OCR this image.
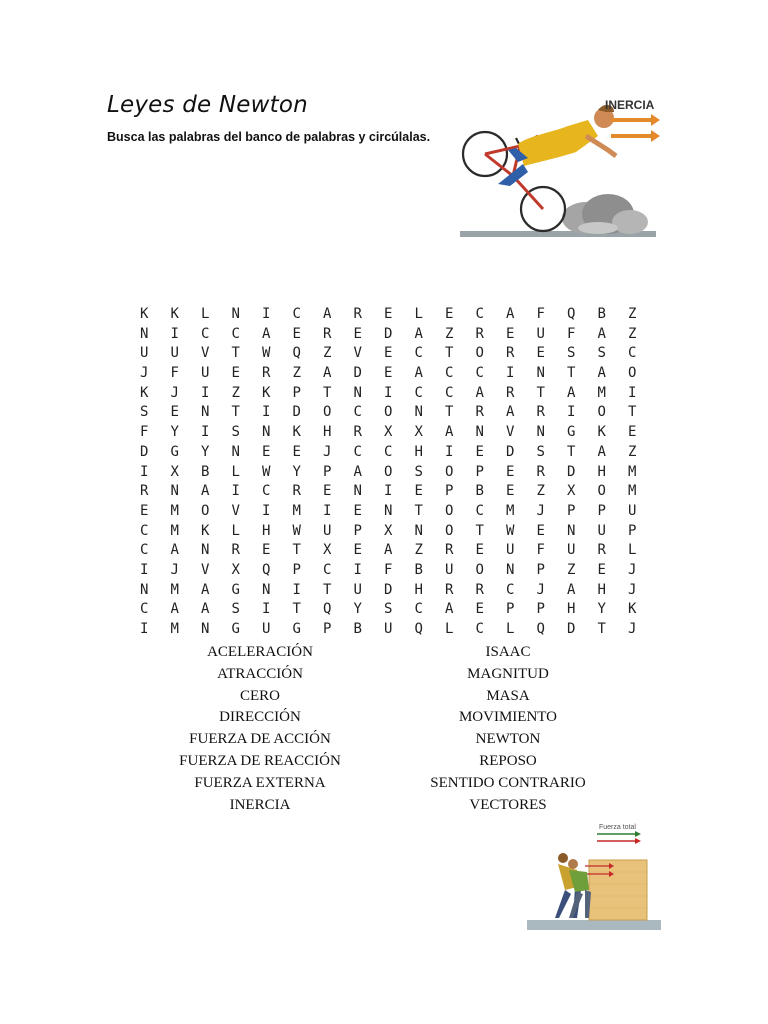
Leyes de Newton
Busca las palabras del banco de palabras y circúlalas.
INERCIA
K	K	L	N	I	C	A	R	E	L	E	C	A	F	Q	B	Z
N	I	C	C	A	E	R	E	D	A	Z	R	E	U	F	A	Z
U	U	V	T	W	Q	Z	V	E	C	T	O	R	E	S	S	C
J	F	U	E	R	Z	A	D	E	A	C	C	I	N	T	A	O
K	J	I	Z	K	P	T	N	I	C	C	A	R	T	A	M	I
S	E	N	T	I	D	O	C	O	N	T	R	A	R	I	O	T
F	Y	I	S	N	K	H	R	X	X	A	N	V	N	G	K	E
D	G	Y	N	E	E	J	C	C	H	I	E	D	S	T	A	Z
I	X	B	L	W	Y	P	A	O	S	O	P	E	R	D	H	M
R	N	A	I	C	R	E	N	I	E	P	B	E	Z	X	O	M
E	M	O	V	I	M	I	E	N	T	O	C	M	J	P	P	U
C	M	K	L	H	W	U	P	X	N	O	T	W	E	N	U	P
C	A	N	R	E	T	X	E	A	Z	R	E	U	F	U	R	L
I	J	V	X	Q	P	C	I	F	B	U	O	N	P	Z	E	J
N	M	A	G	N	I	T	U	D	H	R	R	C	J	A	H	J
C	A	A	S	I	T	Q	Y	S	C	A	E	P	P	H	Y	K
I	M	N	G	U	G	P	B	U	Q	L	C	L	Q	D	T	J
ACELERACIÓN
ATRACCIÓN
CERO
DIRECCIÓN
FUERZA DE ACCIÓN
FUERZA DE REACCIÓN
FUERZA EXTERNA
INERCIA
ISAAC
MAGNITUD
MASA
MOVIMIENTO
NEWTON
REPOSO
SENTIDO CONTRARIO
VECTORES
Fuerza total
